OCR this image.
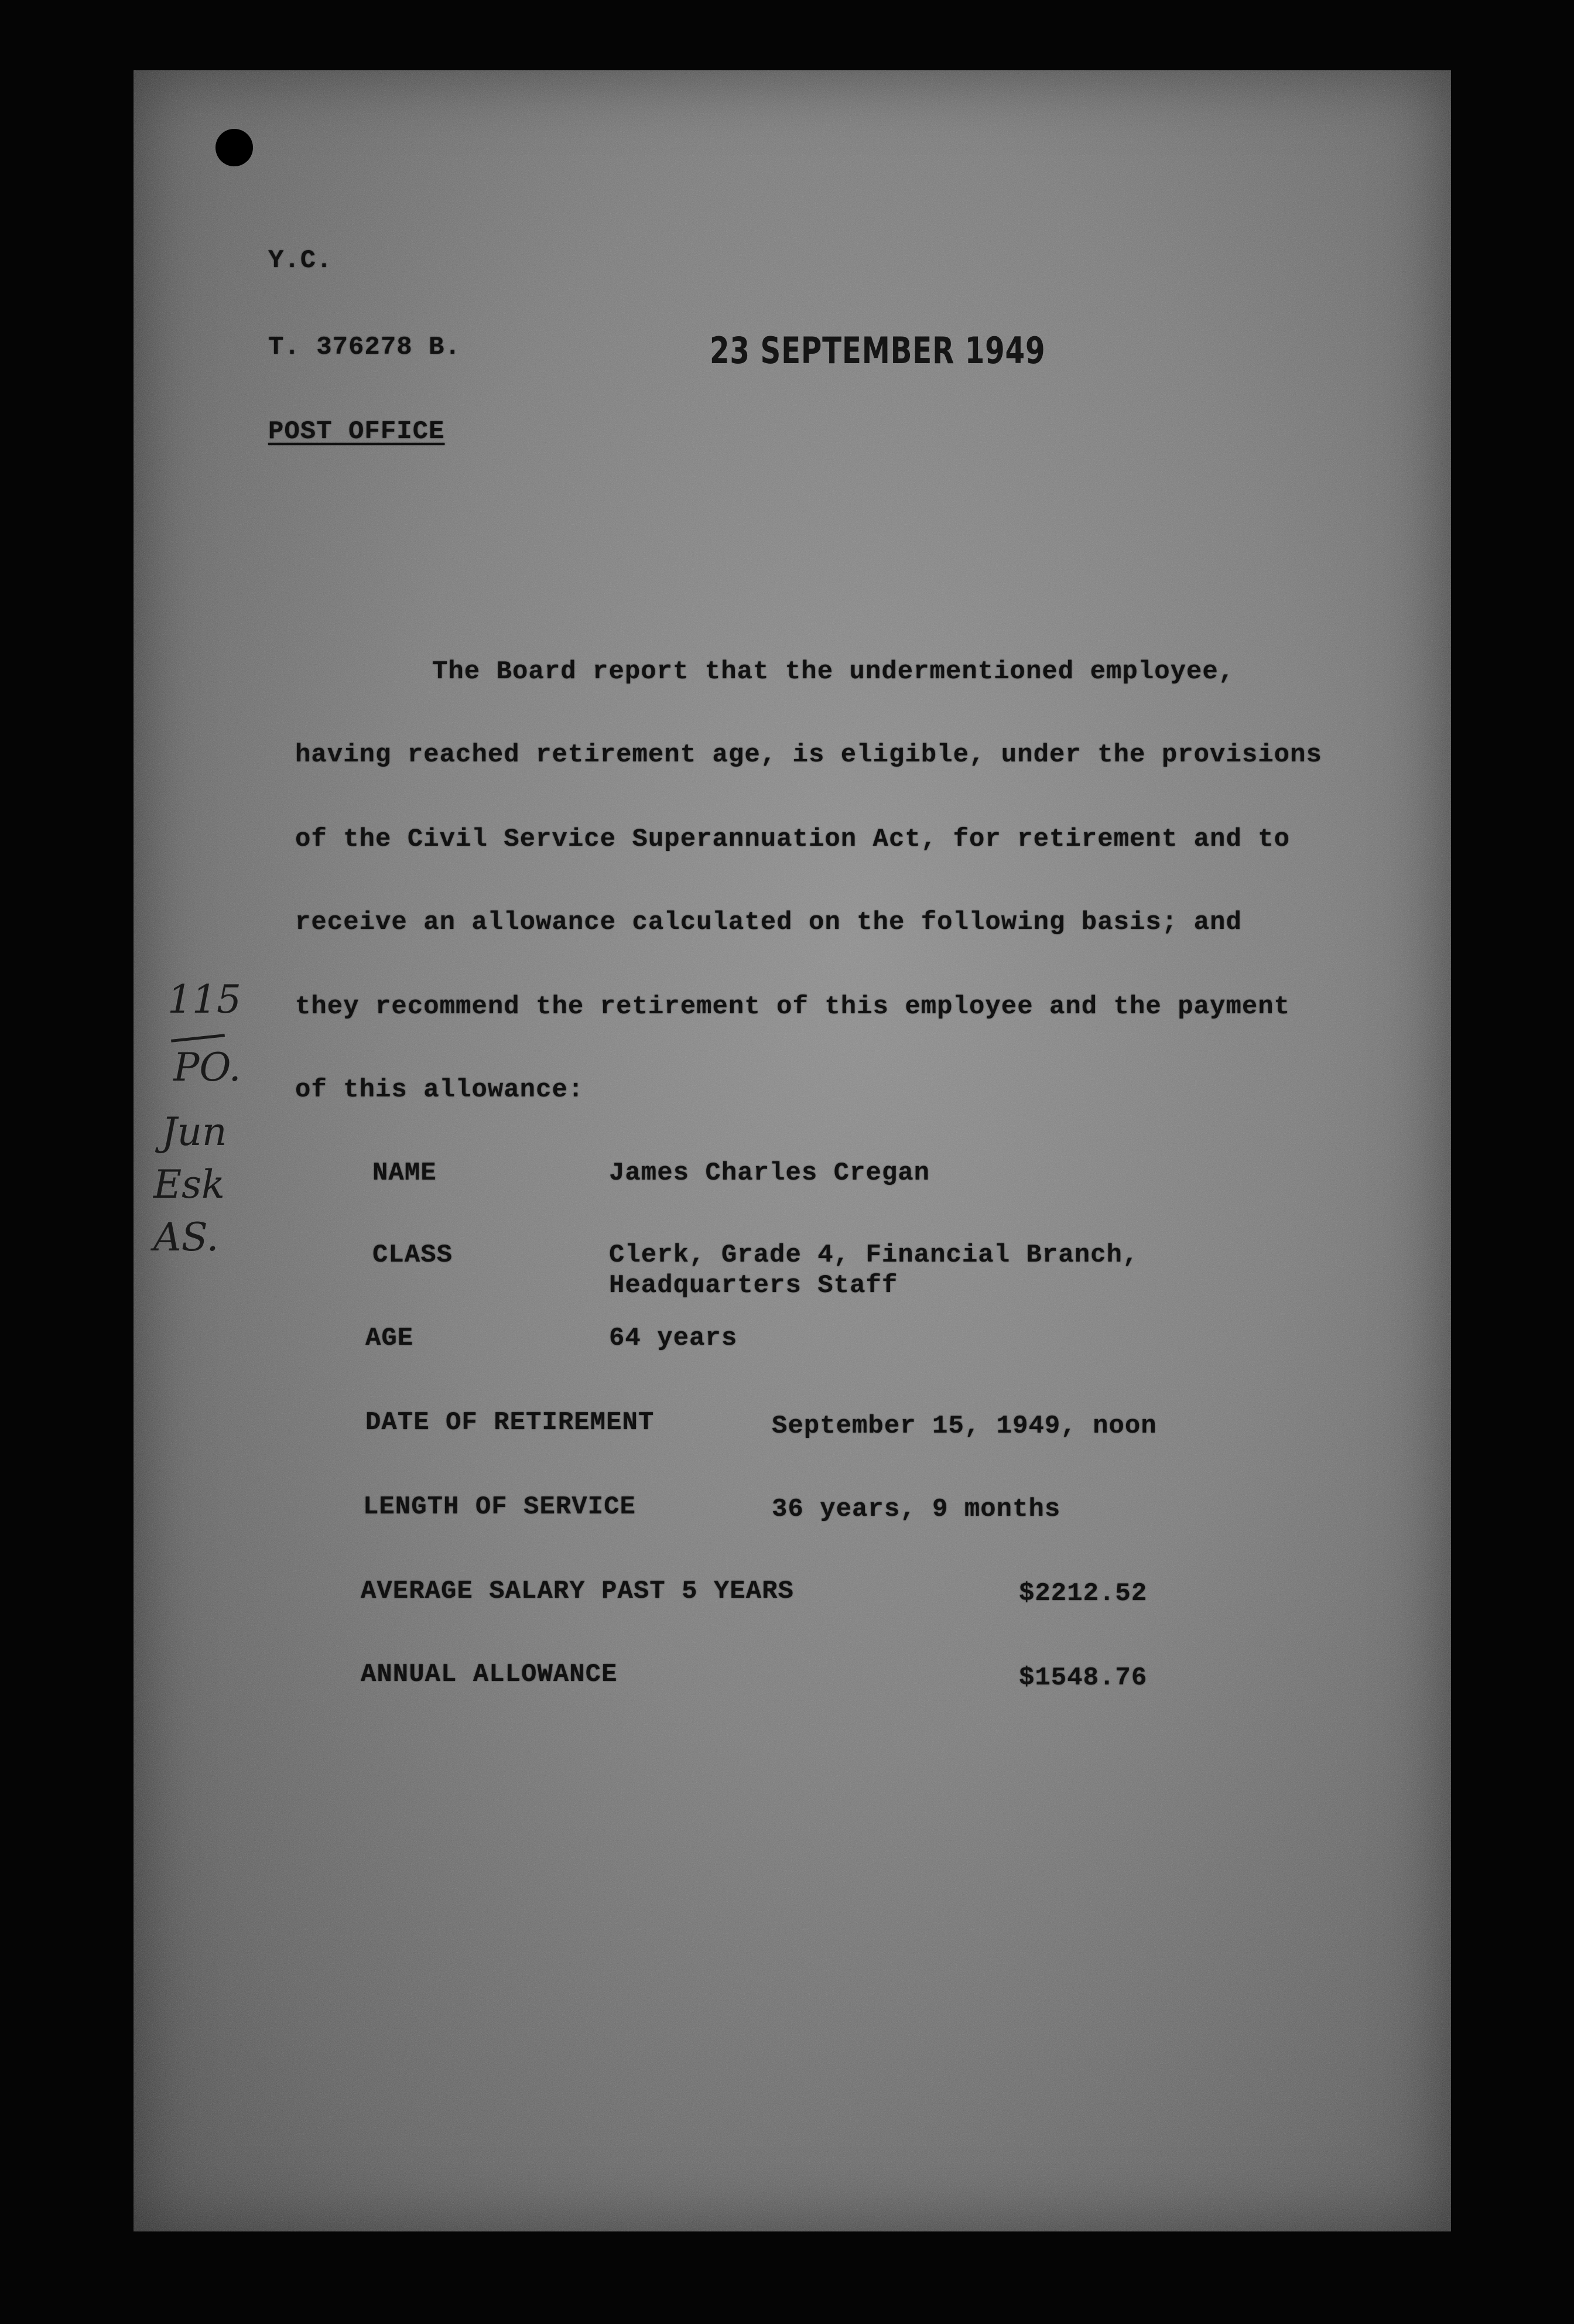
Y.C.
T. 376278 B.	23 SEPTEMBER 1949
POST OFFICE
The Board report that the undermentioned employee,
having reached retirement age, is eligible, under the provisions
of the Civil Service Superannuation Act, for retirement and to
receive an allowance calculated on the following basis; and
they recommend the retirement of this employee and the payment
of this allowance:
NAME	James Charles Cregan
CLASS	Clerk, Grade 4, Financial Branch,
Headquarters Staff
AGE	64 years
DATE OF RETIREMENT	September 15, 1949, noon
LENGTH OF SERVICE	36 years, 9 months
AVERAGE SALARY PAST 5 YEARS	$2212.52
ANNUAL ALLOWANCE	$1548.76
115
PO.
Jun
Esk
AS.
